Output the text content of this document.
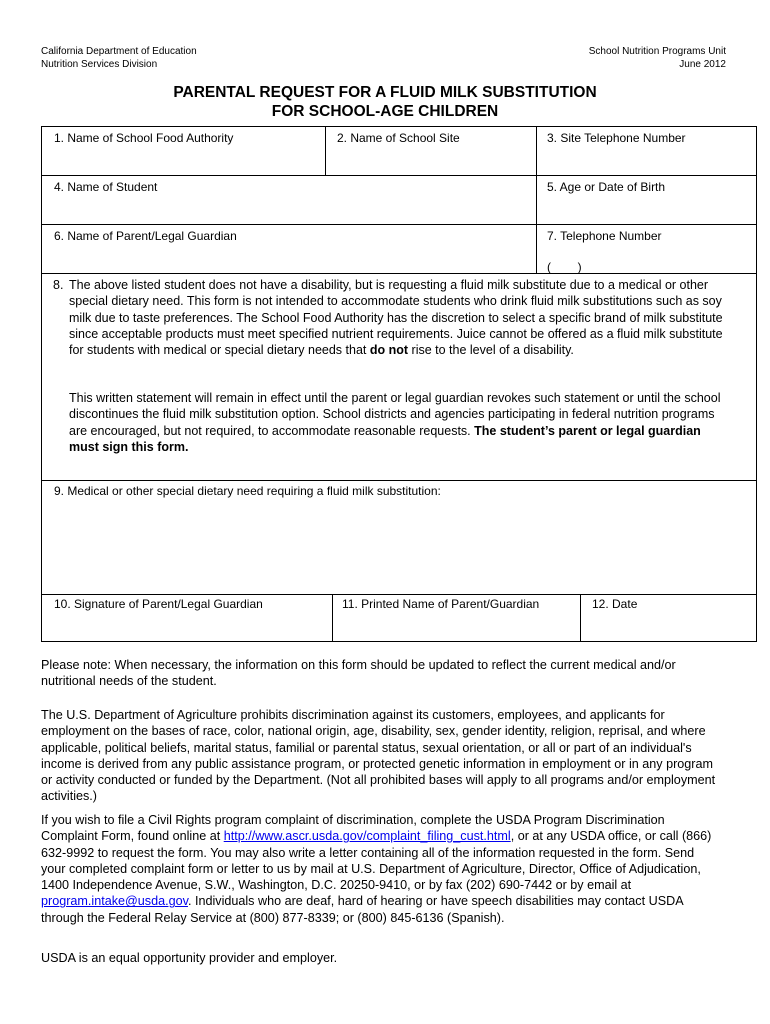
California Department of Education
Nutrition Services Division
School Nutrition Programs Unit
June 2012
PARENTAL REQUEST FOR A FLUID MILK SUBSTITUTION
FOR SCHOOL-AGE CHILDREN
1. Name of School Food Authority	2. Name of School Site	3. Site Telephone Number
4. Name of Student	5. Age or Date of Birth
6. Name of Parent/Legal Guardian	7. Telephone Number
(        )
8. The above listed student does not have a disability, but is requesting a fluid milk substitute due to a medical or other special dietary need. This form is not intended to accommodate students who drink fluid milk substitutions such as soy milk due to taste preferences. The School Food Authority has the discretion to select a specific brand of milk substitute since acceptable products must meet specified nutrient requirements. Juice cannot be offered as a fluid milk substitute for students with medical or special dietary needs that do not rise to the level of a disability.
This written statement will remain in effect until the parent or legal guardian revokes such statement or until the school discontinues the fluid milk substitution option. School districts and agencies participating in federal nutrition programs are encouraged, but not required, to accommodate reasonable requests. The student’s parent or legal guardian must sign this form.
9. Medical or other special dietary need requiring a fluid milk substitution:
10. Signature of Parent/Legal Guardian	11. Printed Name of Parent/Guardian	12. Date
Please note: When necessary, the information on this form should be updated to reflect the current medical and/or nutritional needs of the student.
The U.S. Department of Agriculture prohibits discrimination against its customers, employees, and applicants for employment on the bases of race, color, national origin, age, disability, sex, gender identity, religion, reprisal, and where applicable, political beliefs, marital status, familial or parental status, sexual orientation, or all or part of an individual's income is derived from any public assistance program, or protected genetic information in employment or in any program or activity conducted or funded by the Department. (Not all prohibited bases will apply to all programs and/or employment activities.)
If you wish to file a Civil Rights program complaint of discrimination, complete the USDA Program Discrimination Complaint Form, found online at http://www.ascr.usda.gov/complaint_filing_cust.html, or at any USDA office, or call (866) 632-9992 to request the form. You may also write a letter containing all of the information requested in the form. Send your completed complaint form or letter to us by mail at U.S. Department of Agriculture, Director, Office of Adjudication, 1400 Independence Avenue, S.W., Washington, D.C. 20250-9410, or by fax (202) 690-7442 or by email at program.intake@usda.gov. Individuals who are deaf, hard of hearing or have speech disabilities may contact USDA through the Federal Relay Service at (800) 877-8339; or (800) 845-6136 (Spanish).
USDA is an equal opportunity provider and employer.
